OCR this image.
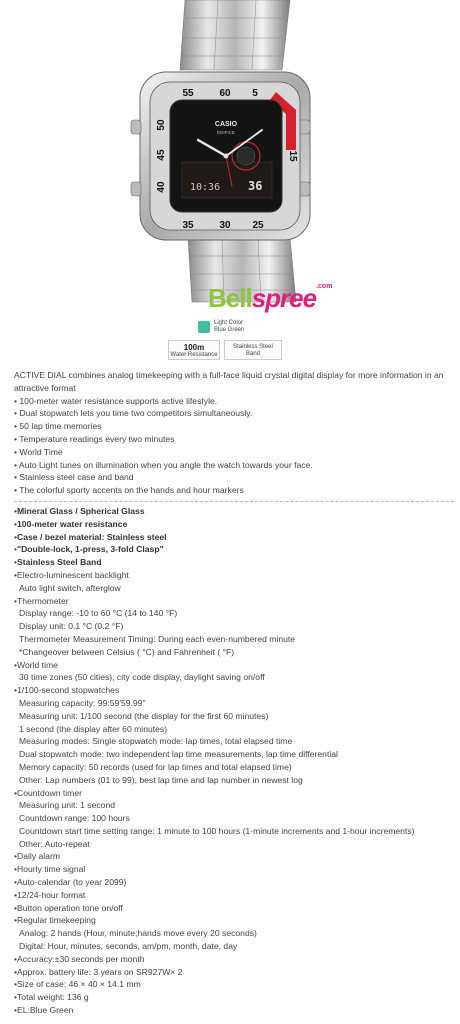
60 5
15
25
30
35
40
45
50
55
CASIO
EDIFICE
10:36 36
Bellspree$^{.com}$
Light Color
Blue Green
100m
Water Resistance
Stainless Steel
Band

ACTIVE DIAL combines analog timekeeping with a full-face liquid crystal digital display for more information in an attractive format

• 100-meter water resistance supports active lifestyle.

• Dual stopwatch lets you time two competitors simultaneously.

• 50 lap time memories

• Temperature readings every two minutes

• World Time

• Auto Light tunes on illumination when you angle the watch towards your face.

• Stainless steel case and band

• The colorful sporty accents on the hands and hour markers

•Mineral Glass / Spherical Glass

•100-meter water resistance

•Case / bezel material: Stainless steel

•"Double-lock, 1-press, 3-fold Clasp"

•Stainless Steel Band

•Electro-luminescent backlight

Auto light switch, afterglow

•Thermometer

Display range: -10 to 60 °C (14 to 140 °F)

Display unit: 0.1 °C (0.2 °F)

Thermometer Measurement Timing: During each even-numbered minute

*Changeover between Celsius ( °C) and Fahrenheit ( °F)

•World time

30 time zones (50 cities), city code display, daylight saving on/off

•1/100-second stopwatches

Measuring capacity: 99:59'59.99"

Measuring unit: 1/100 second (the display for the first 60 minutes)

1 second (the display after 60 minutes)

Measuring modes: Single stopwatch mode: lap times, total elapsed time

Dual stopwatch mode: two independent lap time measurements, lap time differential

Memory capacity: 50 records (used for lap times and total elapsed time)

Other: Lap numbers (01 to 99), best lap time and lap number in newest log

•Countdown timer

Measuring unit: 1 second

Countdown range: 100 hours

Countdown start time setting range: 1 minute to 100 hours (1-minute increments and 1-hour increments)

Other: Auto-repeat

•Daily alarm

•Hourly time signal

•Auto-calendar (to year 2099)

•12/24-hour format

•Button operation tone on/off

•Regular timekeeping

Analog: 2 hands (Hour, minute;hands move every 20 seconds)

Digital: Hour, minutes, seconds, am/pm, month, date, day

•Accuracy:±30 seconds per month

•Approx. battery life: 3 years on SR927W× 2

•Size of case: 46 × 40 × 14.1 mm

•Total weight: 136 g

•EL:Blue Green
